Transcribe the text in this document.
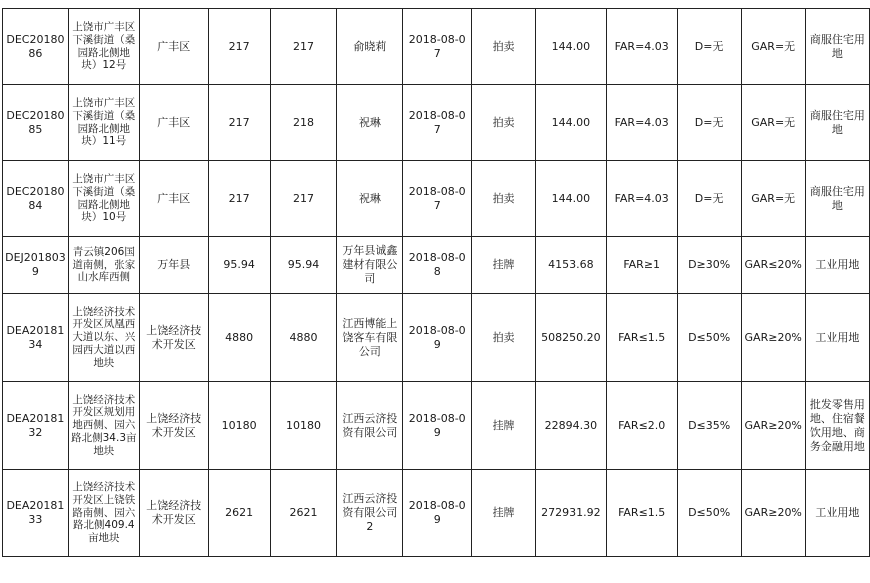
DEC2018086	上饶市广丰区下溪街道（桑园路北侧地块）12号	广丰区	217	217	俞晓莉	2018-08-07	拍卖	144.00	FAR=4.03	D=无	GAR=无	商服住宅用地
DEC2018085	上饶市广丰区下溪街道（桑园路北侧地块）11号	广丰区	217	218	祝琳	2018-08-07	拍卖	144.00	FAR=4.03	D=无	GAR=无	商服住宅用地
DEC2018084	上饶市广丰区下溪街道（桑园路北侧地块）10号	广丰区	217	217	祝琳	2018-08-07	拍卖	144.00	FAR=4.03	D=无	GAR=无	商服住宅用地
DEJ2018039	青云镇206国道南侧，张家山水库西侧	万年县	95.94	95.94	万年县诚鑫建材有限公司	2018-08-08	挂牌	4153.68	FAR≥1	D≥30%	GAR≤20%	工业用地
DEA2018134	上饶经济技术开发区凤凰西大道以东、兴园西大道以西地块	上饶经济技术开发区	4880	4880	江西博能上饶客车有限公司	2018-08-09	拍卖	508250.20	FAR≤1.5	D≤50%	GAR≥20%	工业用地
DEA2018132	上饶经济技术开发区规划用地西侧、园六路北侧34.3亩地块	上饶经济技术开发区	10180	10180	江西云济投资有限公司	2018-08-09	挂牌	22894.30	FAR≤2.0	D≤35%	GAR≥20%	批发零售用地、住宿餐饮用地、商务金融用地
DEA2018133	上饶经济技术开发区上铙铁路南侧、园六路北侧409.4亩地块	上饶经济技术开发区	2621	2621	江西云济投资有限公司2	2018-08-09	挂牌	272931.92	FAR≤1.5	D≤50%	GAR≥20%	工业用地
